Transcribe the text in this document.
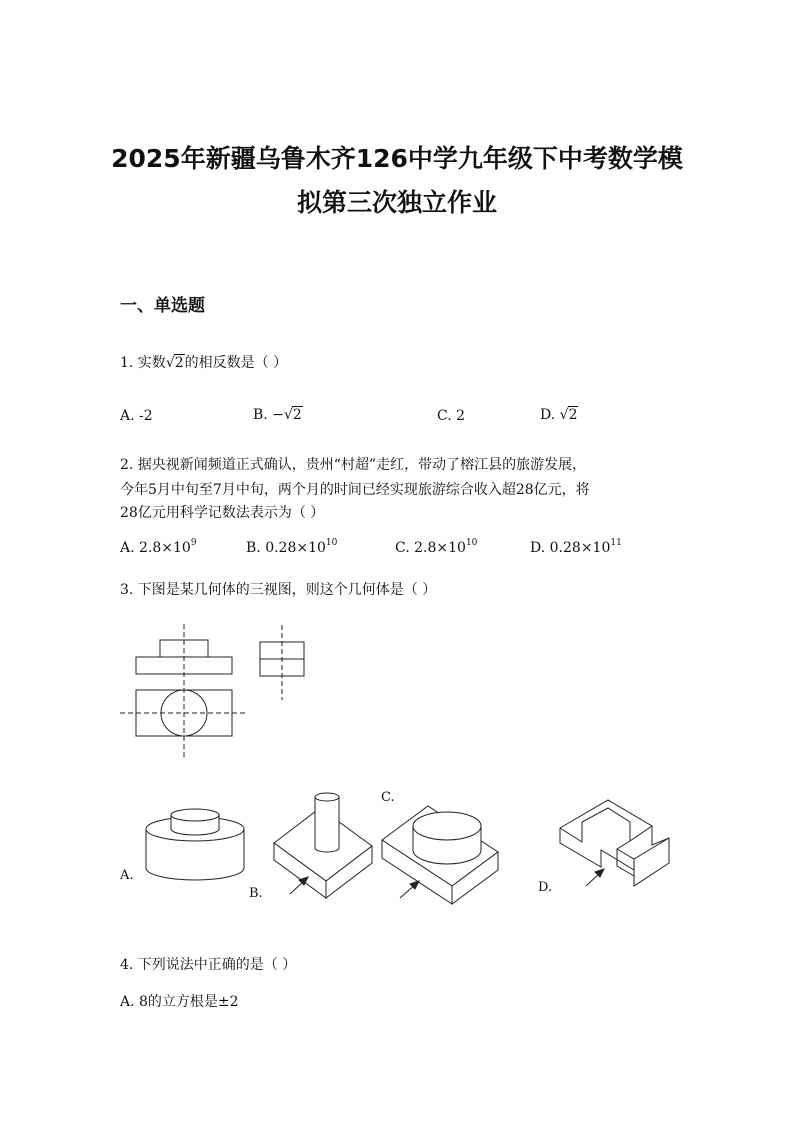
2025年新疆乌鲁木齐126中学九年级下中考数学模
拟第三次独立作业
一、单选题
1. 实数√2的相反数是（ ）
A. -2	B. −√2	C. 2	D. √2
2. 据央视新闻频道正式确认，贵州“村超”走红，带动了榕江县的旅游发展，
今年5月中旬至7月中旬，两个月的时间已经实现旅游综合收入超28亿元，将
28亿元用科学记数法表示为（ ）
A. $2.8\times 10^9$	B. $0.28\times 10^{10}$	C. $2.8\times 10^{10}$	D. $0.28\times 10^{11}$
3. 下图是某几何体的三视图，则这个几何体是（ ）
A.
B.
C.
D.
4. 下列说法中正确的是（ ）
A. 8的立方根是±2
